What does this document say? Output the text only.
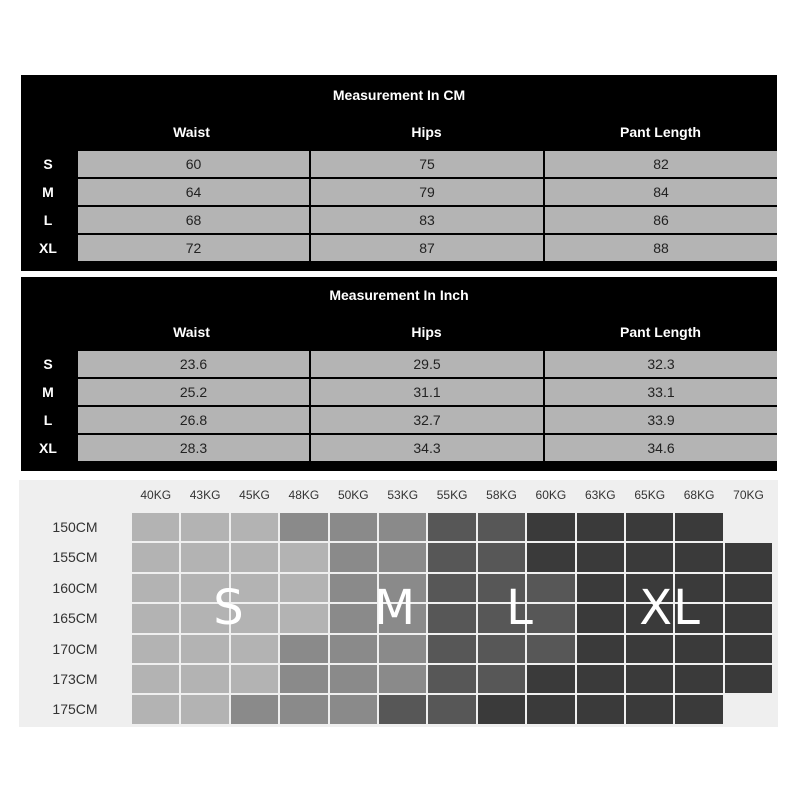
Measurement In CM
Waist	Hips	Pant Length
S	60	75	82
M	64	79	84
L	68	83	86
XL	72	87	88
Measurement In Inch
Waist	Hips	Pant Length
S	23.6	29.5	32.3
M	25.2	31.1	33.1
L	26.8	32.7	33.9
XL	28.3	34.3	34.6
40KG	43KG	45KG	48KG	50KG	53KG	55KG	58KG	60KG	63KG	65KG	68KG	70KG
150CM
155CM
160CM
165CM
170CM
173CM
175CM
S	M	L	XL
